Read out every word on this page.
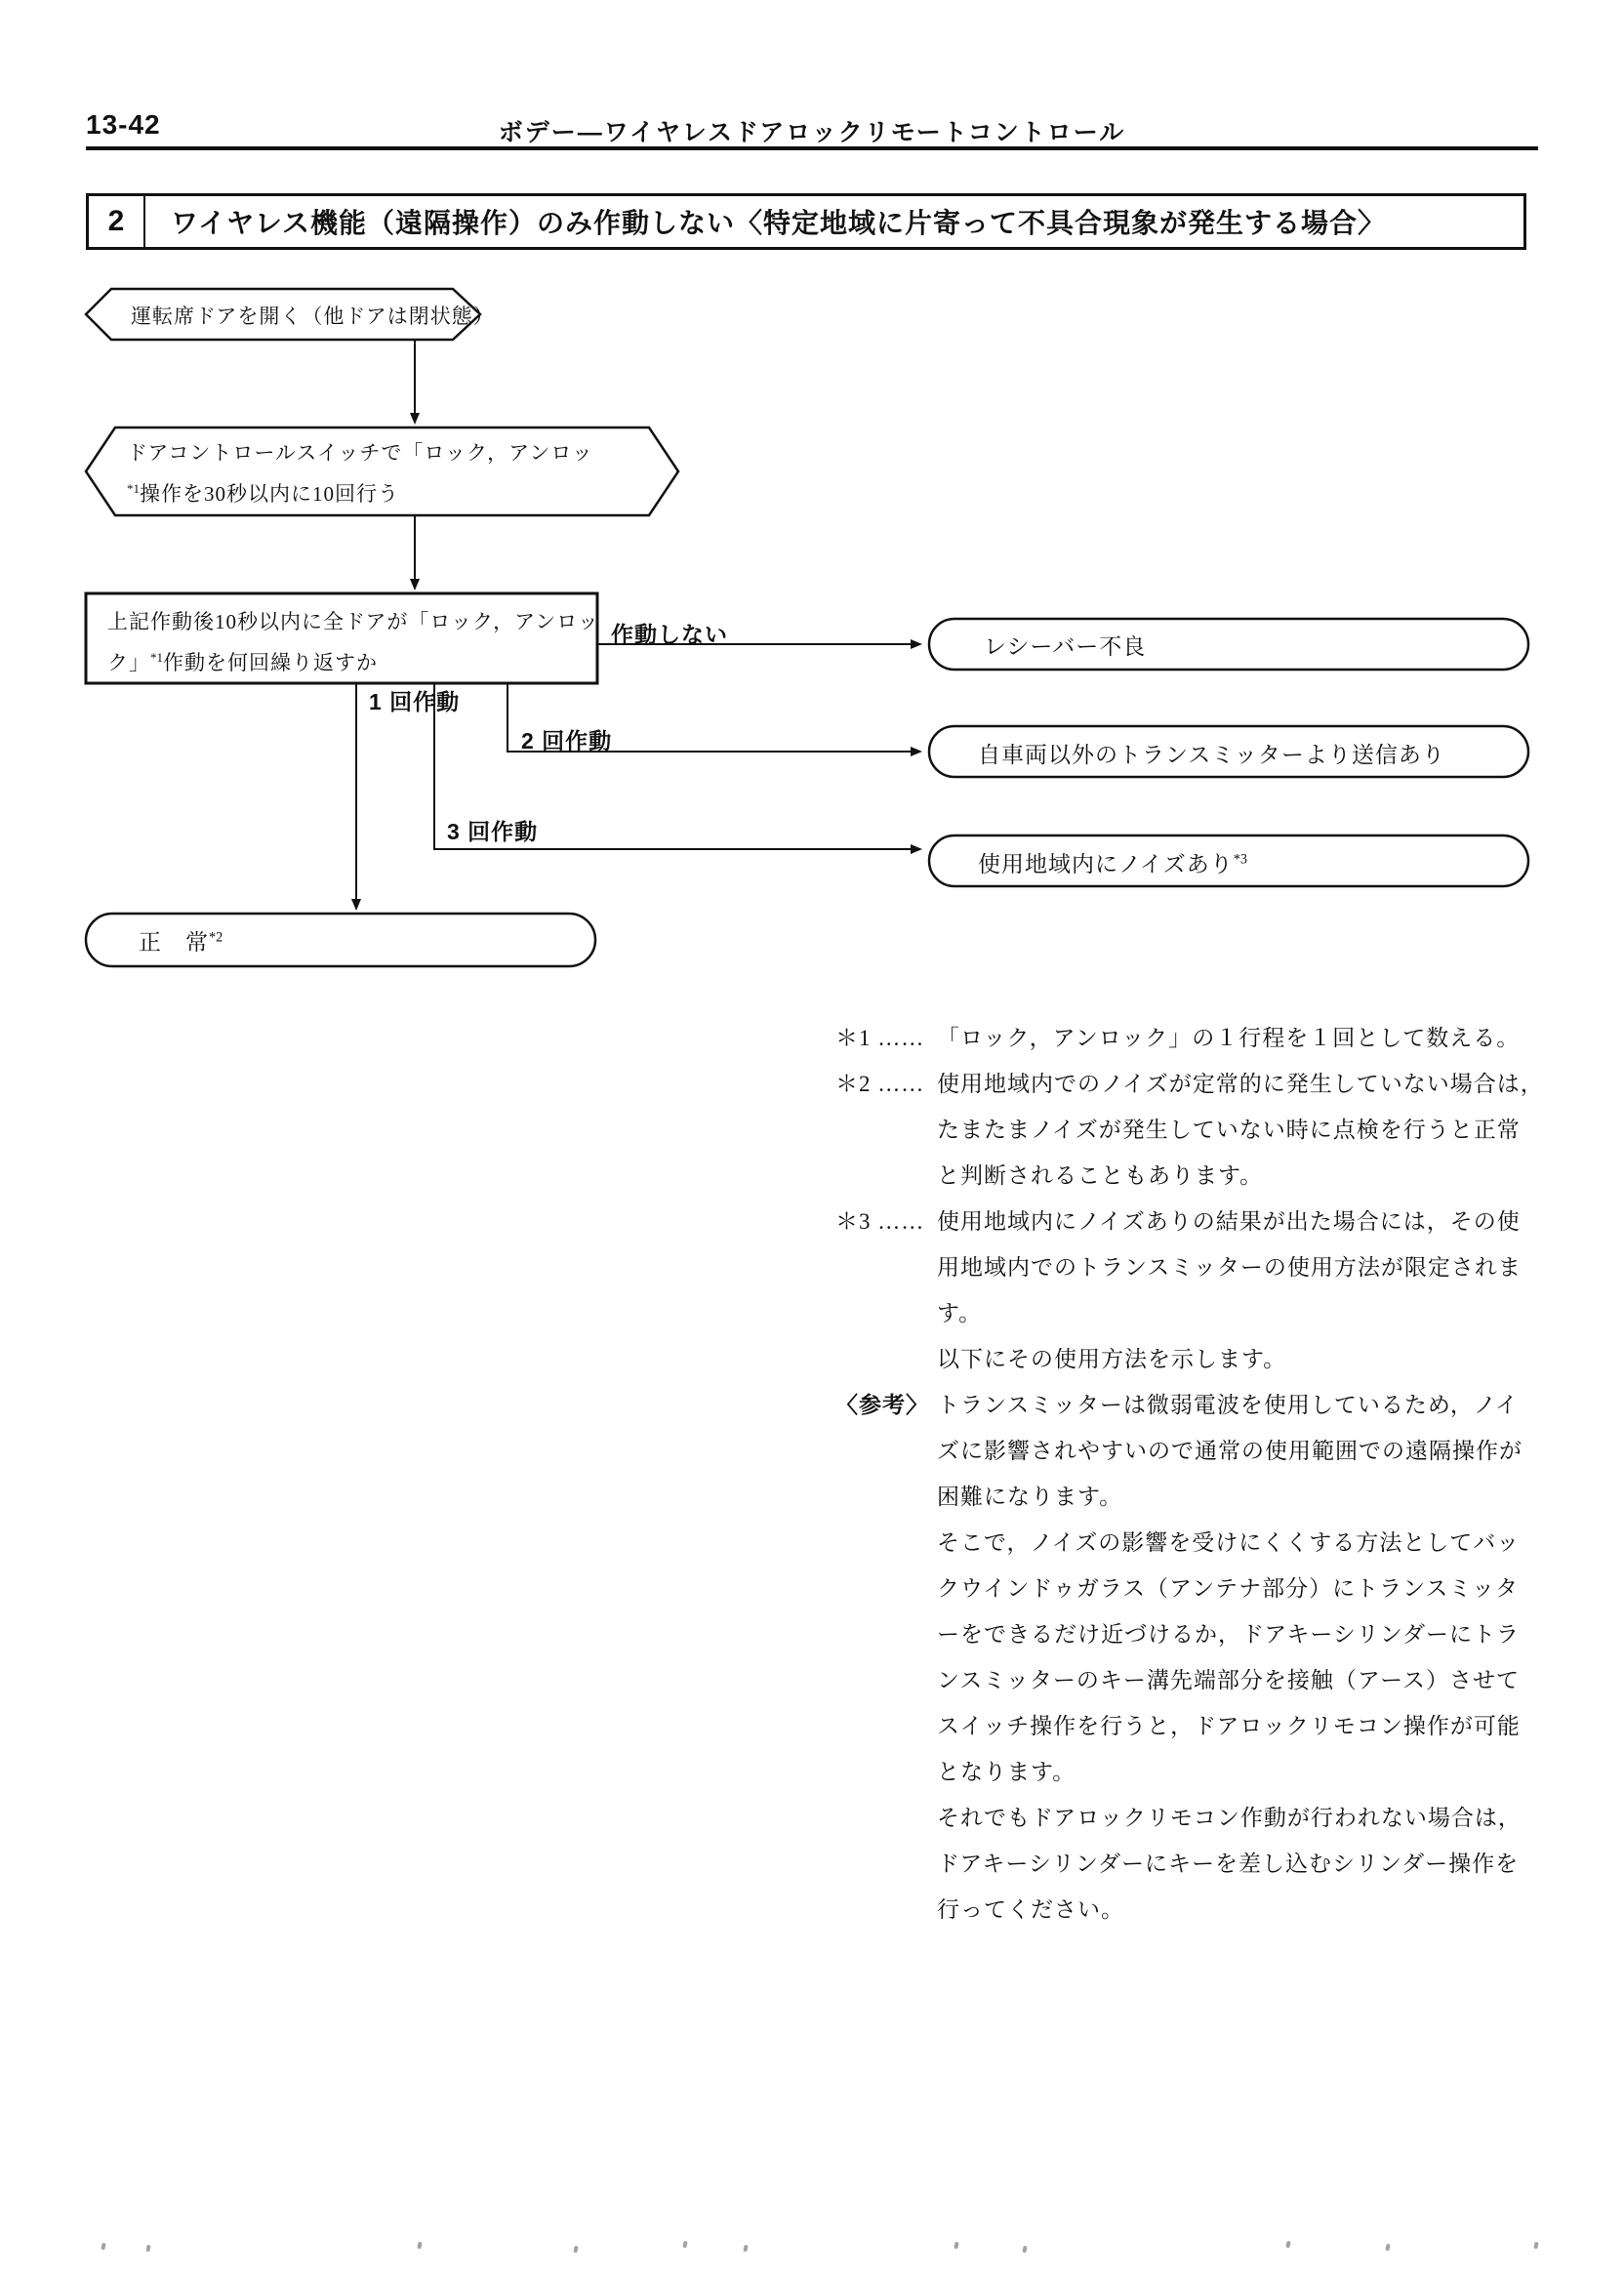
13-42	ボデー―ワイヤレスドアロックリモートコントロール
2	ワイヤレス機能（遠隔操作）のみ作動しない〈特定地域に片寄って不具合現象が発生する場合〉
運転席ドアを開く（他ドアは閉状態）
ドアコントロールスイッチで「ロック，アンロッ
$^{*1}$操作を30秒以内に10回行う
上記作動後10秒以内に全ドアが「ロック，アンロッ
ク」$^{*1}$作動を何回繰り返すか
作動しない
1 回作動
2 回作動
3 回作動
レシーバー不良
自車両以外のトランスミッターより送信あり
使用地域内にノイズあり$^{*3}$
正　常$^{*2}$
＊1 …… 「ロック，アンロック」の１行程を１回として数える。
＊2 …… 使用地域内でのノイズが定常的に発生していない場合は，
たまたまノイズが発生していない時に点検を行うと正常
と判断されることもあります。
＊3 …… 使用地域内にノイズありの結果が出た場合には，その使
用地域内でのトランスミッターの使用方法が限定されま
す。
以下にその使用方法を示します。
〈参考〉 トランスミッターは微弱電波を使用しているため，ノイ
ズに影響されやすいので通常の使用範囲での遠隔操作が
困難になります。
そこで，ノイズの影響を受けにくくする方法としてバッ
クウインドゥガラス（アンテナ部分）にトランスミッタ
ーをできるだけ近づけるか，ドアキーシリンダーにトラ
ンスミッターのキー溝先端部分を接触（アース）させて
スイッチ操作を行うと，ドアロックリモコン操作が可能
となります。
それでもドアロックリモコン作動が行われない場合は，
ドアキーシリンダーにキーを差し込むシリンダー操作を
行ってください。
